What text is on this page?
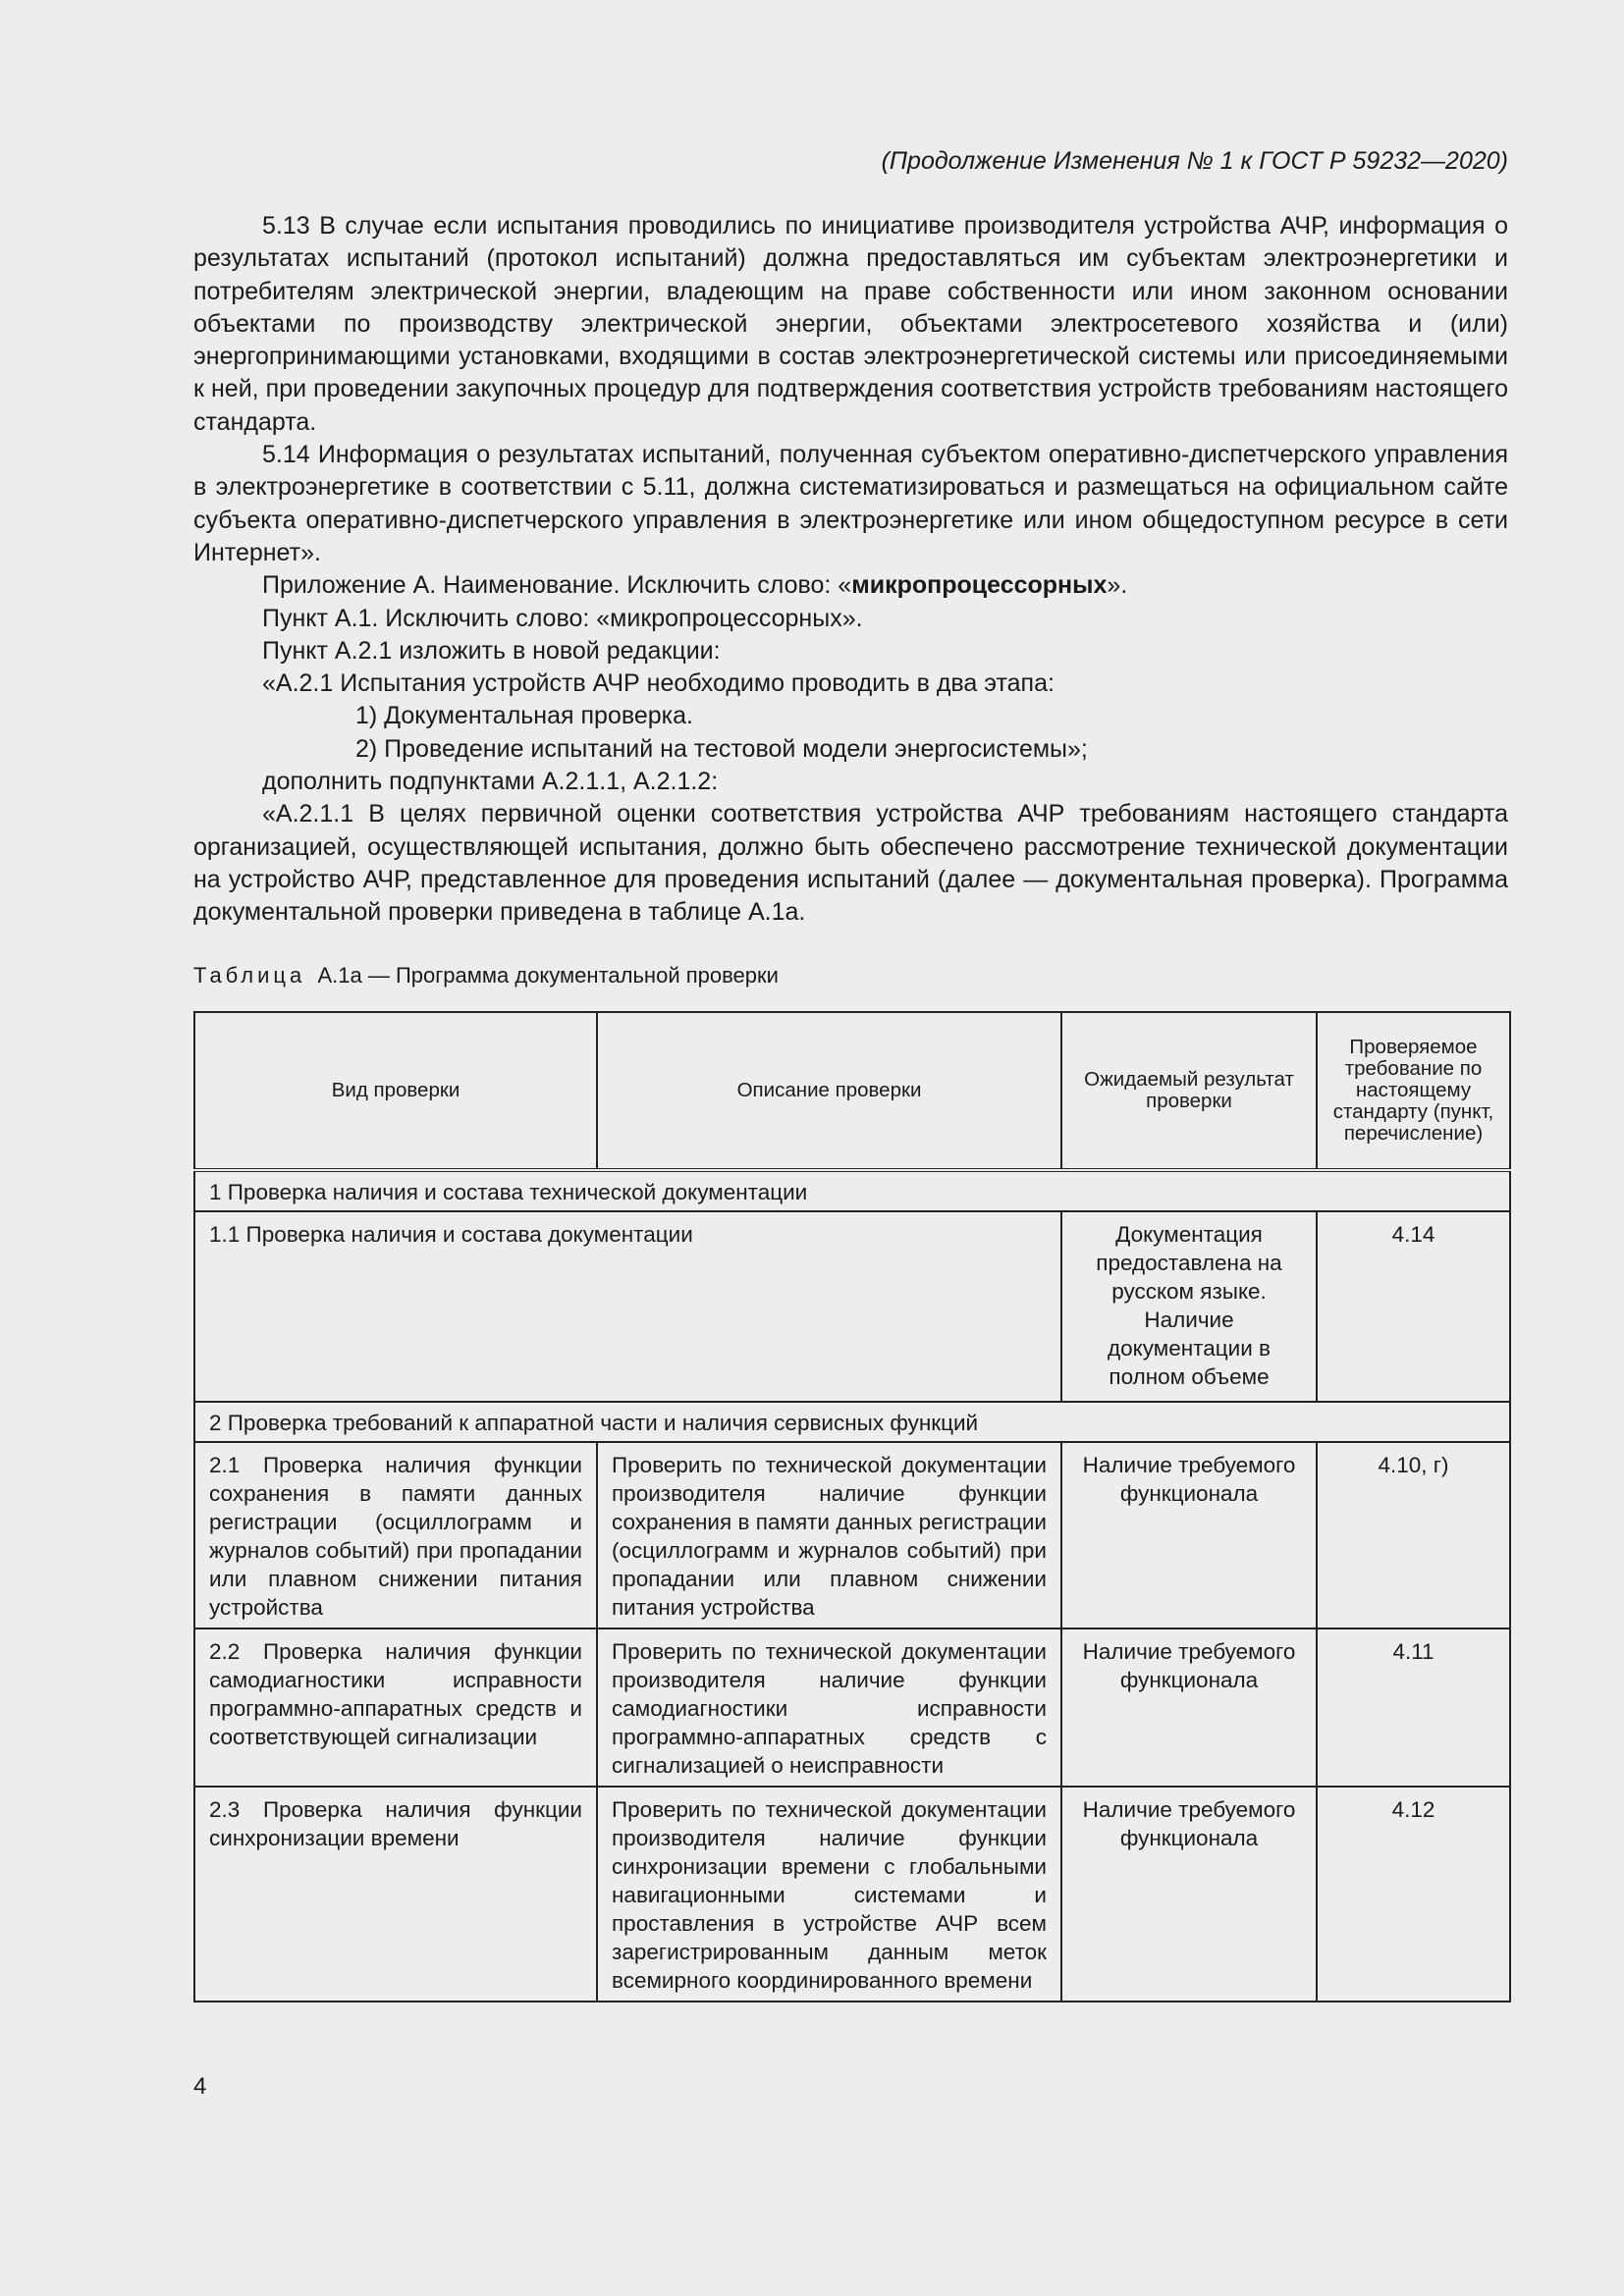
(Продолжение Изменения № 1 к ГОСТ Р 59232—2020)

5.13 В случае если испытания проводились по инициативе производителя устройства АЧР, информация о результатах испытаний (протокол испытаний) должна предоставляться им субъектам электроэнергетики и потребителям электрической энергии, владеющим на праве собственности или ином законном основании объектами по производству электрической энергии, объектами электросетевого хозяйства и (или) энергопринимающими установками, входящими в состав электроэнергетической системы или присоединяемыми к ней, при проведении закупочных процедур для подтверждения соответствия устройств требованиям настоящего стандарта.

5.14 Информация о результатах испытаний, полученная субъектом оперативно-диспетчерского управления в электроэнергетике в соответствии с 5.11, должна систематизироваться и размещаться на официальном сайте субъекта оперативно-диспетчерского управления в электроэнергетике или ином общедоступном ресурсе в сети Интернет».

Приложение А. Наименование. Исключить слово: «микропроцессорных».

Пункт А.1. Исключить слово: «микропроцессорных».

Пункт А.2.1 изложить в новой редакции:

«А.2.1 Испытания устройств АЧР необходимо проводить в два этапа:

1) Документальная проверка.

2) Проведение испытаний на тестовой модели энергосистемы»;

дополнить подпунктами А.2.1.1, А.2.1.2:

«А.2.1.1 В целях первичной оценки соответствия устройства АЧР требованиям настоящего стандарта организацией, осуществляющей испытания, должно быть обеспечено рассмотрение технической документации на устройство АЧР, представленное для проведения испытаний (далее — документальная проверка). Программа документальной проверки приведена в таблице А.1а.

Таблица А.1а — Программа документальной проверки
Вид проверки	Описание проверки	Ожидаемый результат проверки	Проверяемое требование по настоящему стандарту (пункт, перечисление)
1 Проверка наличия и состава технической документации			
1.1 Проверка наличия и состава документации		Документация предоставлена на русском языке. Наличие документации в полном объеме	4.14
2 Проверка требований к аппаратной части и наличия сервисных функций			
2.1 Проверка наличия функции сохранения в памяти данных регистрации (осциллограмм и журналов событий) при пропадании или плавном снижении питания устройства	Проверить по технической документации производителя наличие функции сохранения в памяти данных регистрации (осциллограмм и журналов событий) при пропадании или плавном снижении питания устройства	Наличие требуемого функционала	4.10, г)
2.2 Проверка наличия функции самодиагностики исправности программно-аппаратных средств и соответствующей сигнализации	Проверить по технической документации производителя наличие функции самодиагностики исправности программно-аппаратных средств с сигнализацией о неисправности	Наличие требуемого функционала	4.11
2.3 Проверка наличия функции синхронизации времени	Проверить по технической документации производителя наличие функции синхронизации времени с глобальными навигационными системами и проставления в устройстве АЧР всем зарегистрированным данным меток всемирного координированного времени	Наличие требуемого функционала	4.12
4
